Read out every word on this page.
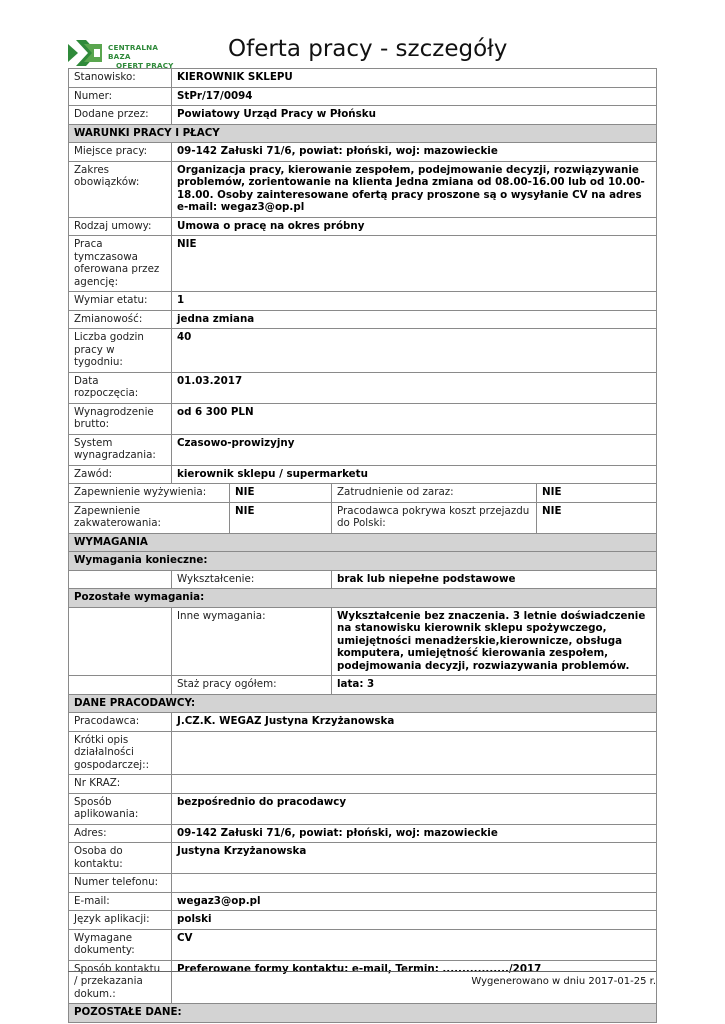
CENTRALNA BAZA
OFERT PRACY
Oferta pracy - szczegóły
Stanowisko:	KIEROWNIK SKLEPU			
Numer:	StPr/17/0094			
Dodane przez:	Powiatowy Urząd Pracy w Płońsku			
WARUNKI PRACY I PŁACY				
Miejsce pracy:	09-142 Załuski 71/6, powiat: płoński, woj: mazowieckie			
Zakres obowiązków:	Organizacja pracy, kierowanie zespołem, podejmowanie decyzji, rozwiązywanie problemów, zorientowanie na klienta Jedna zmiana od 08.00-16.00 lub od 10.00-18.00. Osoby zainteresowane ofertą pracy proszone są o wysyłanie CV na adres e-mail: wegaz3@op.pl			
Rodzaj umowy:	Umowa o pracę na okres próbny			
Praca tymczasowa oferowana przez agencję:	NIE			
Wymiar etatu:	1			
Zmianowość:	jedna zmiana			
Liczba godzin pracy w tygodniu:	40			
Data rozpoczęcia:	01.03.2017			
Wynagrodzenie brutto:	od 6 300 PLN			
System wynagradzania:	Czasowo-prowizyjny			
Zawód:	kierownik sklepu / supermarketu			
Zapewnienie wyżywienia:		NIE	Zatrudnienie od zaraz:	NIE
Zapewnienie zakwaterowania:		NIE	Pracodawca pokrywa koszt przejazdu do Polski:	NIE
WYMAGANIA				
Wymagania konieczne:				
	Wykształcenie:		brak lub niepełne podstawowe	
Pozostałe wymagania:				
	Inne wymagania:		Wykształcenie bez znaczenia. 3 letnie doświadczenie na stanowisku kierownik sklepu spożywczego, umiejętności menadżerskie,kierownicze, obsługa komputera, umiejętność kierowania zespołem, podejmowania decyzji, rozwiazywania problemów.	
	Staż pracy ogółem:		lata: 3	
DANE PRACODAWCY:				
Pracodawca:	J.CZ.K. WEGAZ Justyna Krzyżanowska			
Krótki opis działalności gospodarczej::				
Nr KRAZ:				
Sposób aplikowania:	bezpośrednio do pracodawcy			
Adres:	09-142 Załuski 71/6, powiat: płoński, woj: mazowieckie			
Osoba do kontaktu:	Justyna Krzyżanowska			
Numer telefonu:				
E-mail:	wegaz3@op.pl			
Język aplikacji:	polski			
Wymagane dokumenty:	CV			
Sposób kontaktu / przekazania dokum.:	Preferowane formy kontaktu: e-mail, Termin: ................./2017			
POZOSTAŁE DANE:				
Wygenerowano w dniu 2017-01-25 r.
